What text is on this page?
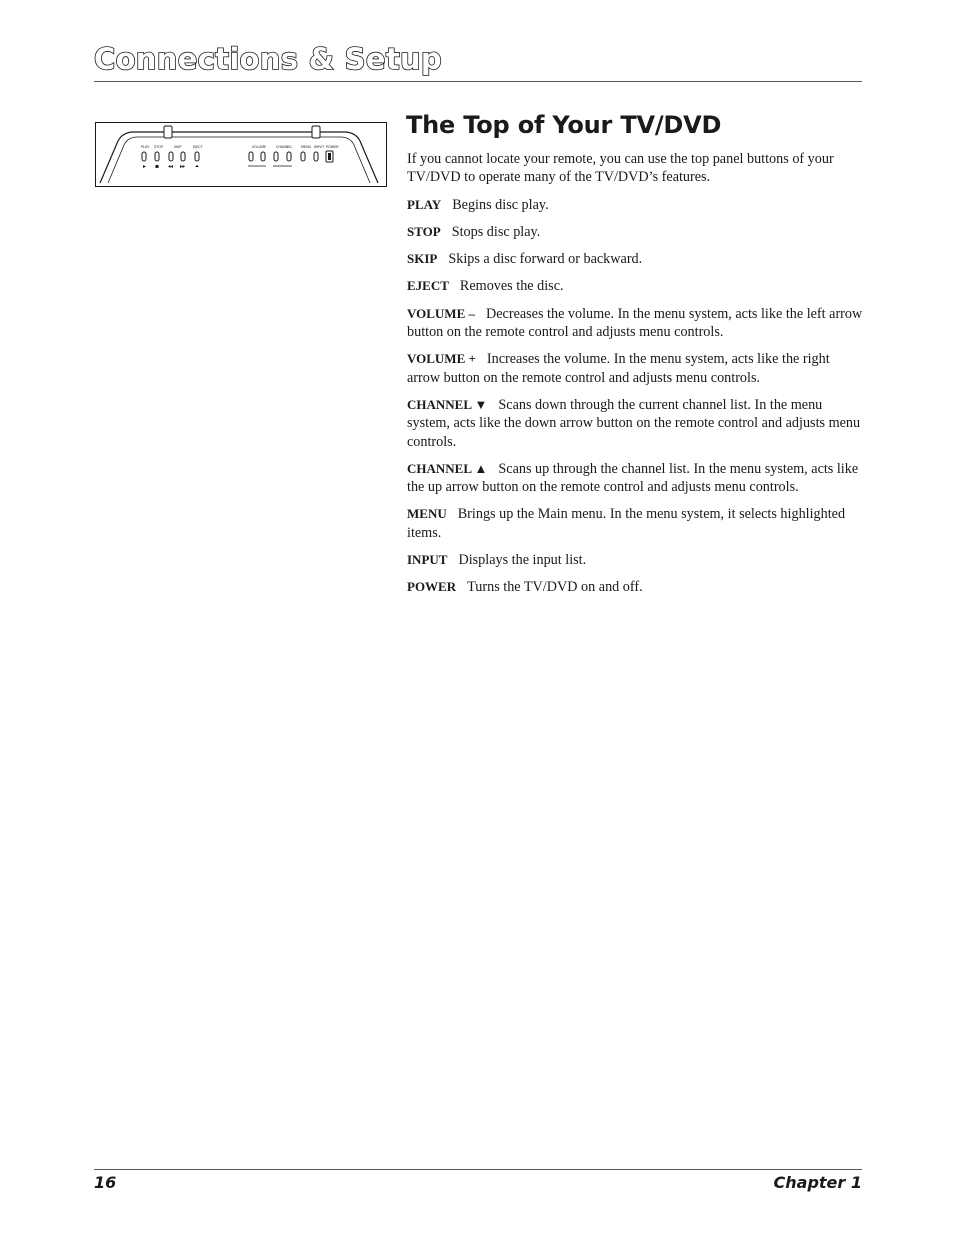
Connections & Setup
PLAY STOP	SKIP	EJECT	VOLUME	CHANNEL	MENU INPUT POWER
The Top of Your TV/DVD

If you cannot locate your remote, you can use the top panel buttons of your TV/DVD to operate many of the TV/DVD’s features.

PLAY Begins disc play.

STOP Stops disc play.

SKIP Skips a disc forward or backward.

EJECT Removes the disc.

VOLUME – Decreases the volume. In the menu system, acts like the left arrow button on the remote control and adjusts menu controls.

VOLUME + Increases the volume. In the menu system, acts like the right arrow button on the remote control and adjusts menu controls.

CHANNEL ▼ Scans down through the current channel list. In the menu system, acts like the down arrow button on the remote control and adjusts menu controls.

CHANNEL ▲ Scans up through the channel list. In the menu system, acts like the up arrow button on the remote control and adjusts menu controls.

MENU Brings up the Main menu. In the menu system, it selects highlighted items.

INPUT Displays the input list.

POWER Turns the TV/DVD on and off.

16	Chapter 1
